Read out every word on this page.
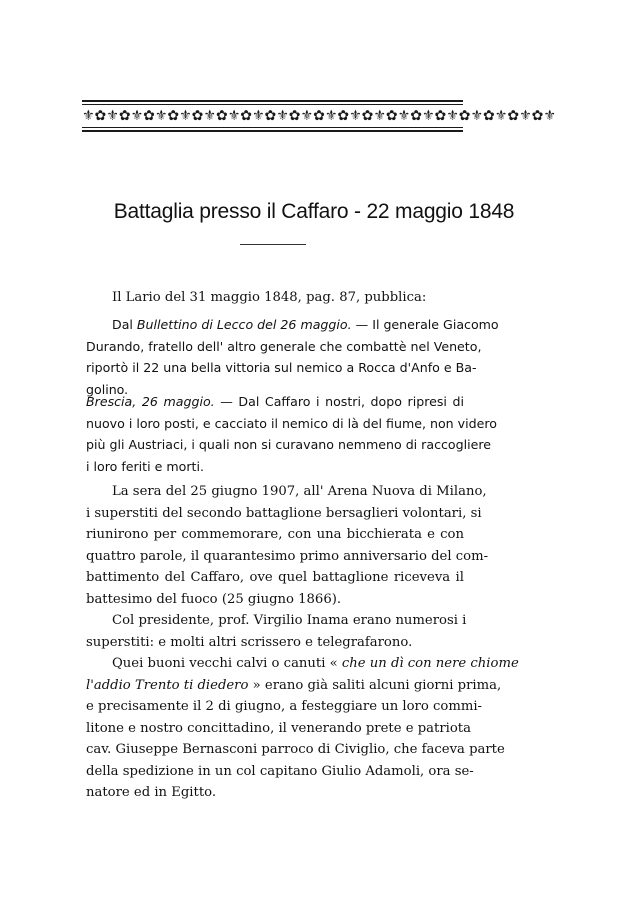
⚜✿⚜✿⚜✿⚜✿⚜✿⚜✿⚜✿⚜✿⚜✿⚜✿⚜✿⚜✿⚜✿⚜✿⚜✿⚜✿⚜✿⚜✿⚜✿⚜
Battaglia presso il Caffaro - 22 maggio 1848
Il Lario del 31 maggio 1848, pag. 87, pubblica:
Dal Bullettino di Lecco del 26 maggio. — Il generale Giacomo
Durando, fratello dell' altro generale che combattè nel Veneto,
riportò il 22 una bella vittoria sul nemico a Rocca d'Anfo e Ba-
golino.
Brescia, 26 maggio. — Dal Caffaro i nostri, dopo ripresi di
nuovo i loro posti, e cacciato il nemico di là del fiume, non videro
più gli Austriaci, i quali non si curavano nemmeno di raccogliere
i loro feriti e morti.
La sera del 25 giugno 1907, all' Arena Nuova di Milano,
i superstiti del secondo battaglione bersaglieri volontari, si
riunirono per commemorare, con una bicchierata e con
quattro parole, il quarantesimo primo anniversario del com-
battimento del Caffaro, ove quel battaglione riceveva il
battesimo del fuoco (25 giugno 1866).
Col presidente, prof. Virgilio Inama erano numerosi i
superstiti: e molti altri scrissero e telegrafarono.
Quei buoni vecchi calvi o canuti « che un dì con nere chiome
l'addio Trento ti diedero » erano già saliti alcuni giorni prima,
e precisamente il 2 di giugno, a festeggiare un loro commi-
litone e nostro concittadino, il venerando prete e patriota
cav. Giuseppe Bernasconi parroco di Civiglio, che faceva parte
della spedizione in un col capitano Giulio Adamoli, ora se-
natore ed in Egitto.
